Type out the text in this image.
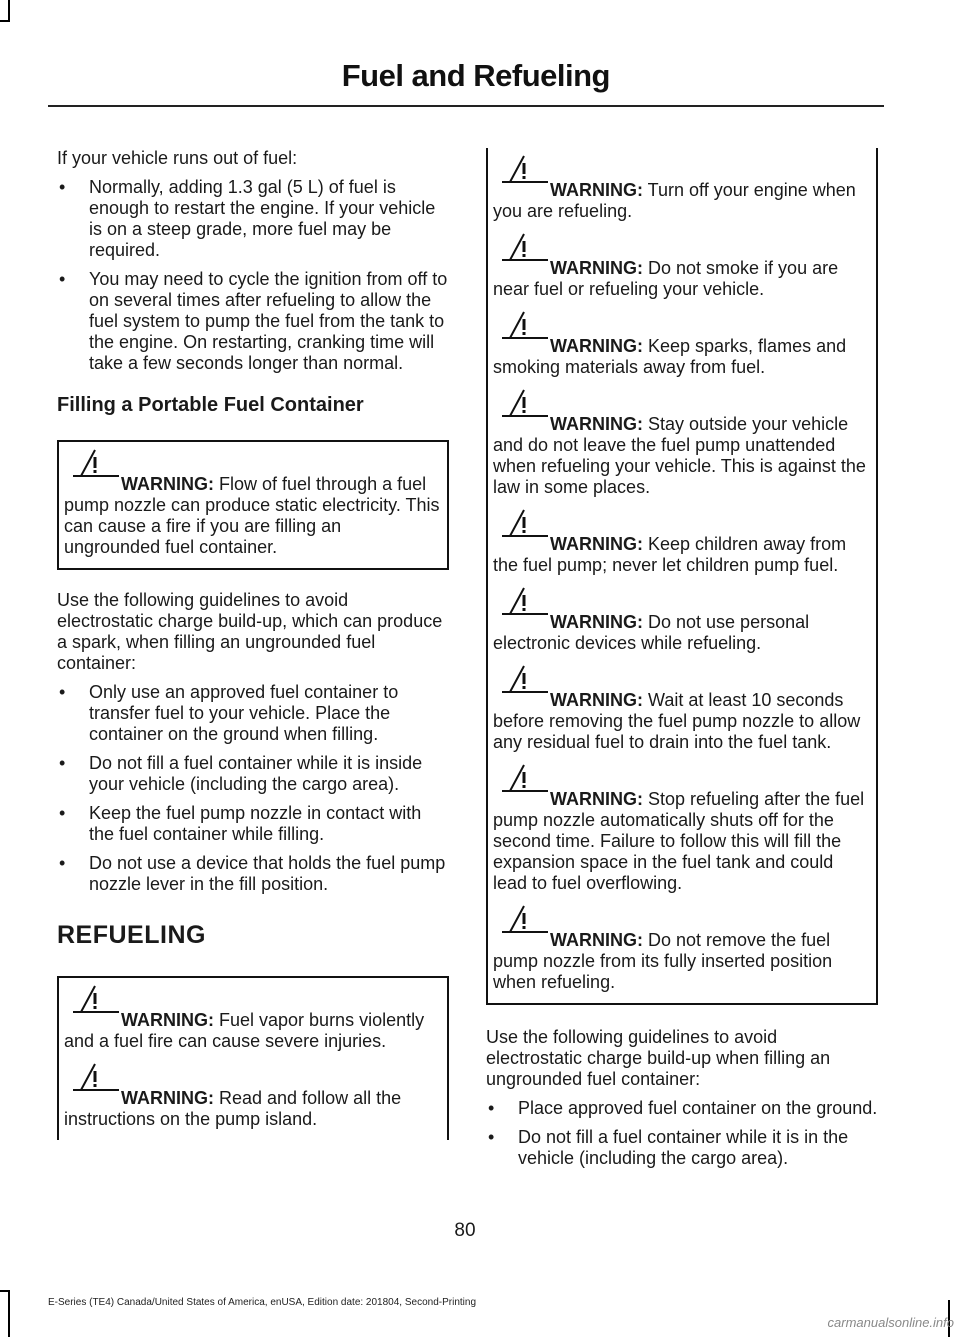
Fuel and Refueling

If your vehicle runs out of fuel:

• Normally, adding 1.3 gal (5 L) of fuel is enough to restart the engine. If your vehicle is on a steep grade, more fuel may be required.
• You may need to cycle the ignition from off to on several times after refueling to allow the fuel system to pump the fuel from the tank to the engine. On restarting, cranking time will take a few seconds longer than normal.
Filling a Portable Fuel Container
WARNING: Flow of fuel through a fuel pump nozzle can produce static electricity. This can cause a fire if you are filling an ungrounded fuel container.

Use the following guidelines to avoid electrostatic charge build-up, which can produce a spark, when filling an ungrounded fuel container:

• Only use an approved fuel container to transfer fuel to your vehicle. Place the container on the ground when filling.
• Do not fill a fuel container while it is inside your vehicle (including the cargo area).
• Keep the fuel pump nozzle in contact with the fuel container while filling.
• Do not use a device that holds the fuel pump nozzle lever in the fill position.
REFUELING
WARNING: Fuel vapor burns violently and a fuel fire can cause severe injuries.
WARNING: Read and follow all the instructions on the pump island.
WARNING: Turn off your engine when you are refueling.
WARNING: Do not smoke if you are near fuel or refueling your vehicle.
WARNING: Keep sparks, flames and smoking materials away from fuel.
WARNING: Stay outside your vehicle and do not leave the fuel pump unattended when refueling your vehicle. This is against the law in some places.
WARNING: Keep children away from the fuel pump; never let children pump fuel.
WARNING: Do not use personal electronic devices while refueling.
WARNING: Wait at least 10 seconds before removing the fuel pump nozzle to allow any residual fuel to drain into the fuel tank.
WARNING: Stop refueling after the fuel pump nozzle automatically shuts off for the second time. Failure to follow this will fill the expansion space in the fuel tank and could lead to fuel overflowing.
WARNING: Do not remove the fuel pump nozzle from its fully inserted position when refueling.

Use the following guidelines to avoid electrostatic charge build-up when filling an ungrounded fuel container:

• Place approved fuel container on the ground.
• Do not fill a fuel container while it is in the vehicle (including the cargo area).
80
E-Series (TE4) Canada/United States of America, enUSA, Edition date: 201804, Second-Printing
carmanualsonline.info
